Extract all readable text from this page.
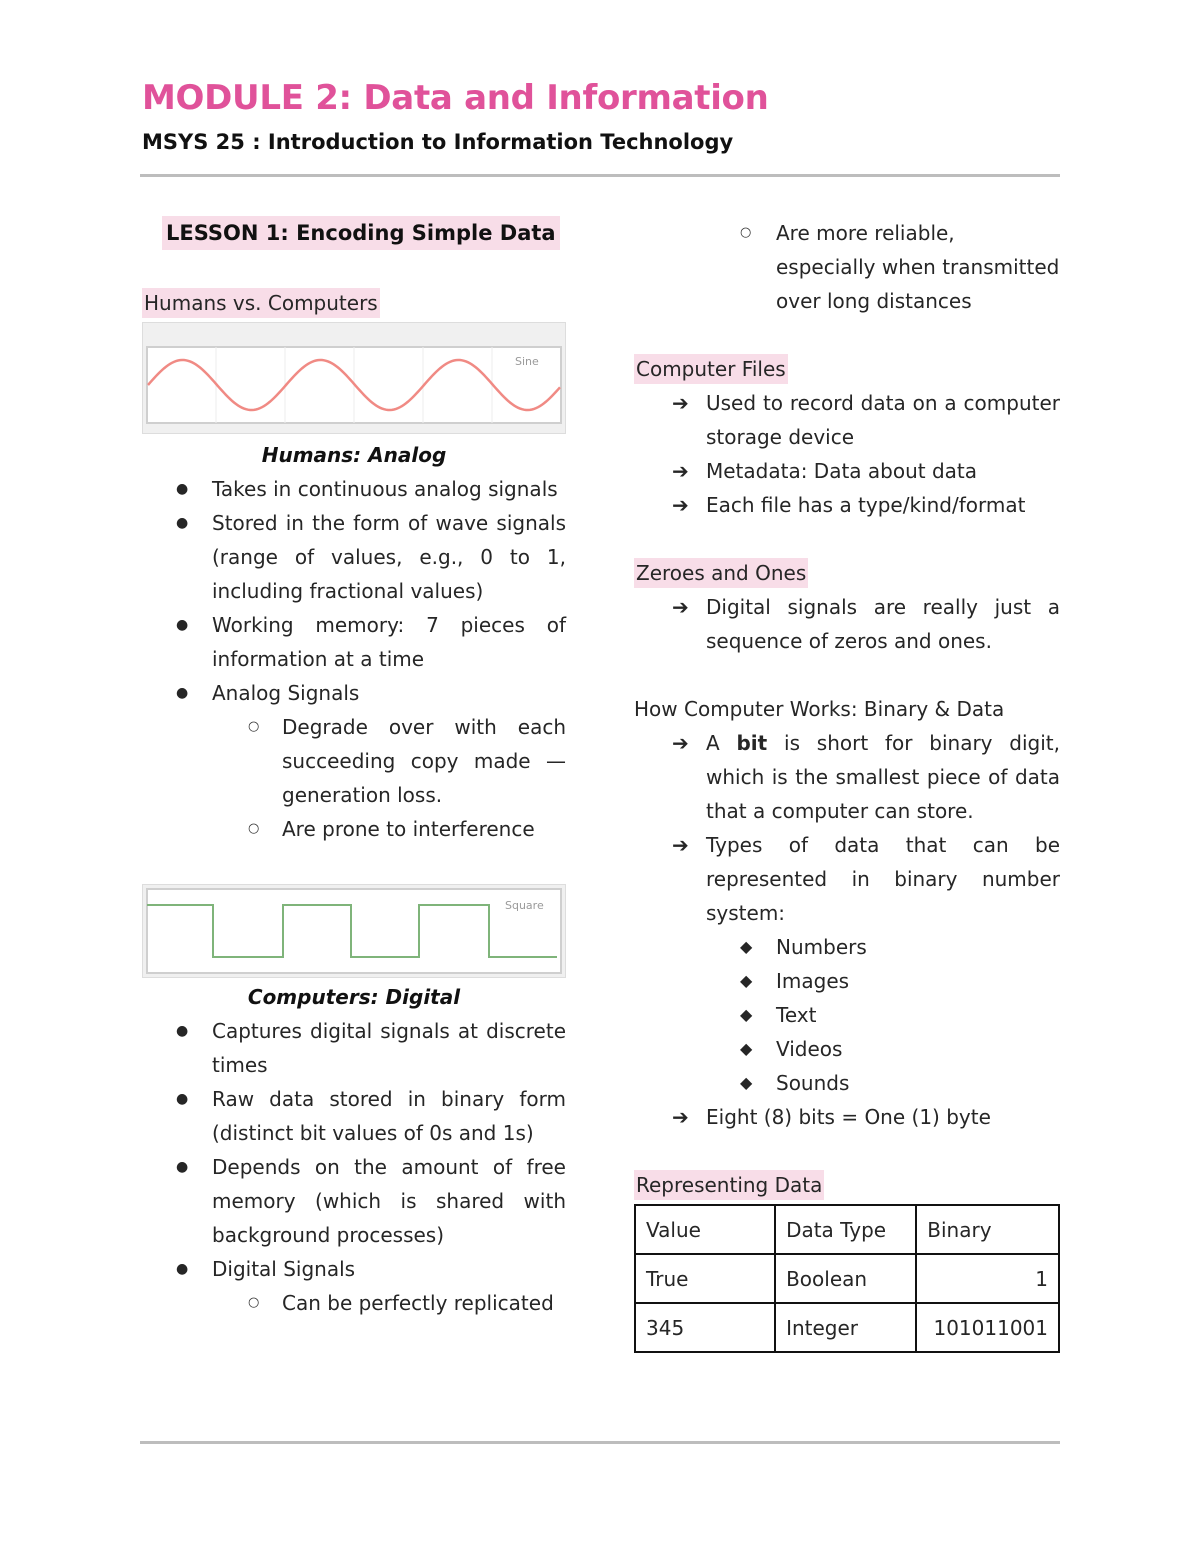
MODULE 2: Data and Information
MSYS 25 : Introduction to Information Technology
LESSON 1: Encoding Simple Data
Humans vs. Computers
Sine
Humans: Analog
● Takes in continuous analog signals
● Stored in the form of wave signals (range of values, e.g., 0 to 1, including fractional values)
● Working memory: 7 pieces of information at a time
● Analog Signals
○ Degrade over with each succeeding copy made — generation loss.
○ Are prone to interference
Square
Computers: Digital
● Captures digital signals at discrete times
● Raw data stored in binary form (distinct bit values of 0s and 1s)
● Depends on the amount of free memory (which is shared with background processes)
● Digital Signals
○ Can be perfectly replicated
○ Are more reliable, especially when transmitted over long distances
Computer Files
➔ Used to record data on a computer storage device
➔ Metadata: Data about data
➔ Each file has a type/kind/format
Zeroes and Ones
➔ Digital signals are really just a sequence of zeros and ones.
How Computer Works: Binary & Data
➔ A bit is short for binary digit, which is the smallest piece of data that a computer can store.
➔ Types of data that can be represented in binary number system:
◆ Numbers
◆ Images
◆ Text
◆ Videos
◆ Sounds
➔ Eight (8) bits = One (1) byte
Representing Data
Value	Data Type	Binary
True	Boolean	1
345	Integer	101011001
